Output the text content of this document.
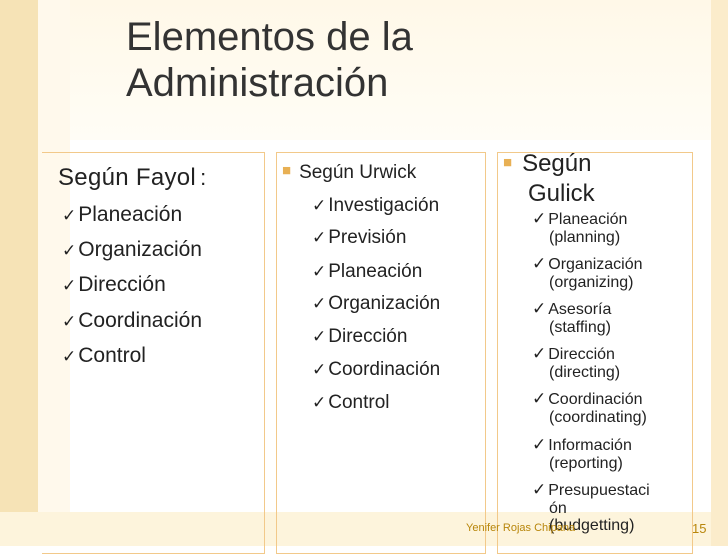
Elementos de la
Administración
Según Fayol :
✓Planeación
✓Organización
✓Dirección
✓Coordinación
✓Control
■ Según Urwick
✓ Investigación
✓ Previsión
✓ Planeación
✓ Organización
✓ Dirección
✓ Coordinación
✓ Control
■ Según
Gulick
✓ Planeación
(planning)
✓ Organización
(organizing)
✓ Asesoría
(staffing)
✓ Dirección
(directing)
✓ Coordinación
(coordinating)
✓ Información
(reporting)
✓ Presupuestaci
ón
(budgetting)
Yenifer Rojas Chipana	15
